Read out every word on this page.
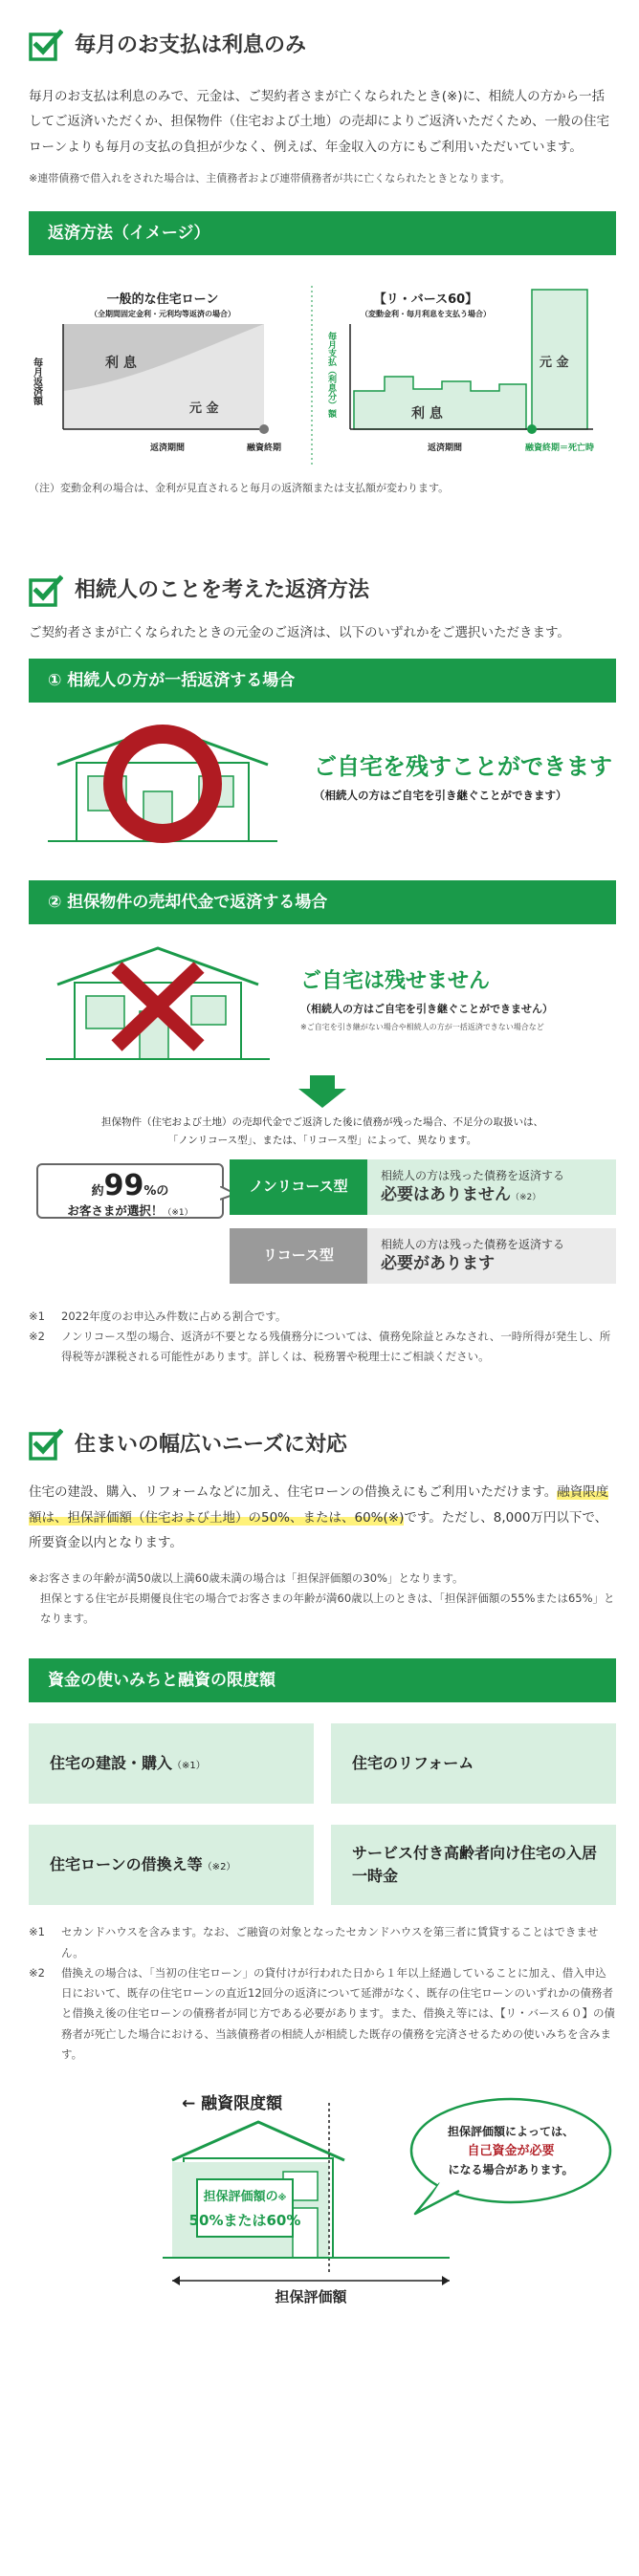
毎月のお支払は利息のみ

毎月のお支払は利息のみで、元金は、ご契約者さまが亡くなられたとき(※)に、相続人の方から一括してご返済いただくか、担保物件（住宅および土地）の売却によりご返済いただくため、一般の住宅ローンよりも毎月の支払の負担が少なく、例えば、年金収入の方にもご利用いただいています。

※連帯債務で借入れをされた場合は、主債務者および連帯債務者が共に亡くなられたときとなります。

返済方法（イメージ）
一般的な住宅ローン
（全期間固定金利・元利均等返済の場合）
毎月返済額	利 息
元 金
返済期間	融資終期
【リ・バース60】
（変動金利・毎月利息を支払う場合）
毎月支払（利息分）額	利 息
元 金
返済期間	融資終期＝死亡時

（注）変動金利の場合は、金利が見直されると毎月の返済額または支払額が変わります。

相続人のことを考えた返済方法

ご契約者さまが亡くなられたときの元金のご返済は、以下のいずれかをご選択いただきます。

① 相続人の方が一括返済する場合
ご自宅を残すことができます
（相続人の方はご自宅を引き継ぐことができます）
② 担保物件の売却代金で返済する場合
ご自宅は残せません
（相続人の方はご自宅を引き継ぐことができません）
※ご自宅を引き継がない場合や相続人の方が一括返済できない場合など
担保物件（住宅および土地）の売却代金でご返済した後に債務が残った場合、不足分の取扱いは、
「ノンリコース型」、または、「リコース型」によって、異なります。
約99%の
お客さまが選択！（※1）
ノンリコース型
相続人の方は残った債務を返済する
必要はありません（※2）
リコース型
相続人の方は残った債務を返済する
必要があります
※1	2022年度のお申込み件数に占める割合です。
※2	ノンリコース型の場合、返済が不要となる残債務分については、債務免除益とみなされ、一時所得が発生し、所得税等が課税される可能性があります。詳しくは、税務署や税理士にご相談ください。
住まいの幅広いニーズに対応

住宅の建設、購入、リフォームなどに加え、住宅ローンの借換えにもご利用いただけます。融資限度額は、担保評価額（住宅および土地）の50%、または、60%(※)です。ただし、8,000万円以下で、所要資金以内となります。

※お客さまの年齢が満50歳以上満60歳未満の場合は「担保評価額の30%」となります。
担保とする住宅が長期優良住宅の場合でお客さまの年齢が満60歳以上のときは、「担保評価額の55%または65%」となります。
資金の使いみちと融資の限度額
住宅の建設・購入（※1）	住宅のリフォーム
住宅ローンの借換え等（※2）
サービス付き高齢者向け住宅の入居一時金
※1	セカンドハウスを含みます。なお、ご融資の対象となったセカンドハウスを第三者に賃貸することはできません。
※2	借換えの場合は、「当初の住宅ローン」の貸付けが行われた日から１年以上経過していることに加え、借入申込日において、既存の住宅ローンの直近12回分の返済について延滞がなく、既存の住宅ローンのいずれかの債務者と借換え後の住宅ローンの債務者が同じ方である必要があります。また、借換え等には、【リ・バース６０】の債務者が死亡した場合における、当該債務者の相続人が相続した既存の債務を完済させるための使いみちを含みます。
← 融資限度額
担保評価額の※
50%または60%
担保評価額
担保評価額によっては、
自己資金が必要
になる場合があります。
